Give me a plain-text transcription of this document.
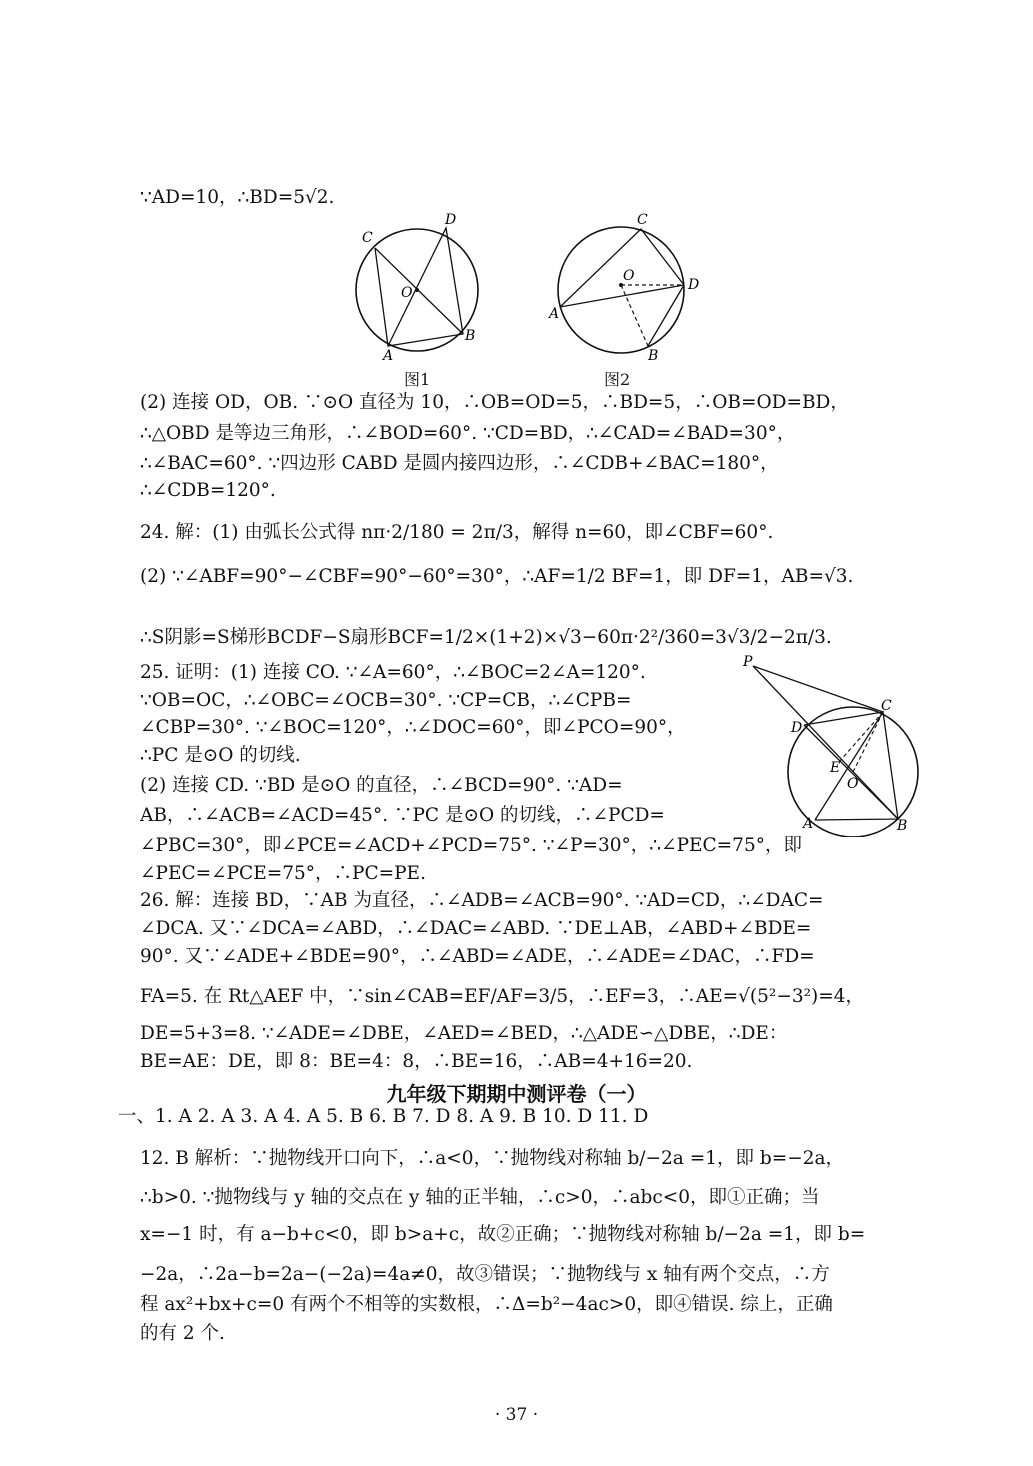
∵AD=10，∴BD=5√2.
C
D
O
B
A
图1
C
O
D
A
B
图2
(2) 连接 OD，OB. ∵⊙O 直径为 10，∴OB=OD=5，∴BD=5，∴OB=OD=BD，
∴△OBD 是等边三角形，∴∠BOD=60°. ∵CD=BD，∴∠CAD=∠BAD=30°，
∴∠BAC=60°. ∵四边形 CABD 是圆内接四边形，∴∠CDB+∠BAC=180°，
∴∠CDB=120°.
24. 解：(1) 由弧长公式得 nπ·2/180 = 2π/3，解得 n=60，即∠CBF=60°.
(2) ∵∠ABF=90°−∠CBF=90°−60°=30°，∴AF=1/2 BF=1，即 DF=1，AB=√3.
∴S阴影=S梯形BCDF−S扇形BCF=1/2×(1+2)×√3−60π·2²/360=3√3/2−2π/3.
25. 证明：(1) 连接 CO. ∵∠A=60°，∴∠BOC=2∠A=120°.
∵OB=OC，∴∠OBC=∠OCB=30°. ∵CP=CB，∴∠CPB=
∠CBP=30°. ∵∠BOC=120°，∴∠DOC=60°，即∠PCO=90°，
∴PC 是⊙O 的切线.
(2) 连接 CD. ∵BD 是⊙O 的直径，∴∠BCD=90°. ∵AD=
AB，∴∠ACB=∠ACD=45°. ∵PC 是⊙O 的切线，∴∠PCD=
∠PBC=30°，即∠PCE=∠ACD+∠PCD=75°. ∵∠P=30°，∴∠PEC=75°，即
∠PEC=∠PCE=75°，∴PC=PE.
P
C
D
E
O
A	B
26. 解：连接 BD，∵AB 为直径，∴∠ADB=∠ACB=90°. ∵AD=CD，∴∠DAC=
∠DCA. 又∵∠DCA=∠ABD，∴∠DAC=∠ABD. ∵DE⊥AB，∠ABD+∠BDE=
90°. 又∵∠ADE+∠BDE=90°，∴∠ABD=∠ADE，∴∠ADE=∠DAC，∴FD=
FA=5. 在 Rt△AEF 中，∵sin∠CAB=EF/AF=3/5，∴EF=3，∴AE=√(5²−3²)=4，
DE=5+3=8. ∵∠ADE=∠DBE，∠AED=∠BED，∴△ADE∽△DBE，∴DE：
BE=AE：DE，即 8：BE=4：8，∴BE=16，∴AB=4+16=20.
九年级下期期中测评卷（一）
一、1. A 2. A 3. A 4. A 5. B 6. B 7. D 8. A 9. B 10. D 11. D
12. B 解析：∵抛物线开口向下，∴a<0，∵抛物线对称轴 b/−2a =1，即 b=−2a，
∴b>0. ∵抛物线与 y 轴的交点在 y 轴的正半轴，∴c>0，∴abc<0，即①正确；当
x=−1 时，有 a−b+c<0，即 b>a+c，故②正确；∵抛物线对称轴 b/−2a =1，即 b=
−2a，∴2a−b=2a−(−2a)=4a≠0，故③错误；∵抛物线与 x 轴有两个交点，∴方
程 ax²+bx+c=0 有两个不相等的实数根，∴Δ=b²−4ac>0，即④错误. 综上，正确
的有 2 个.
· 37 ·
